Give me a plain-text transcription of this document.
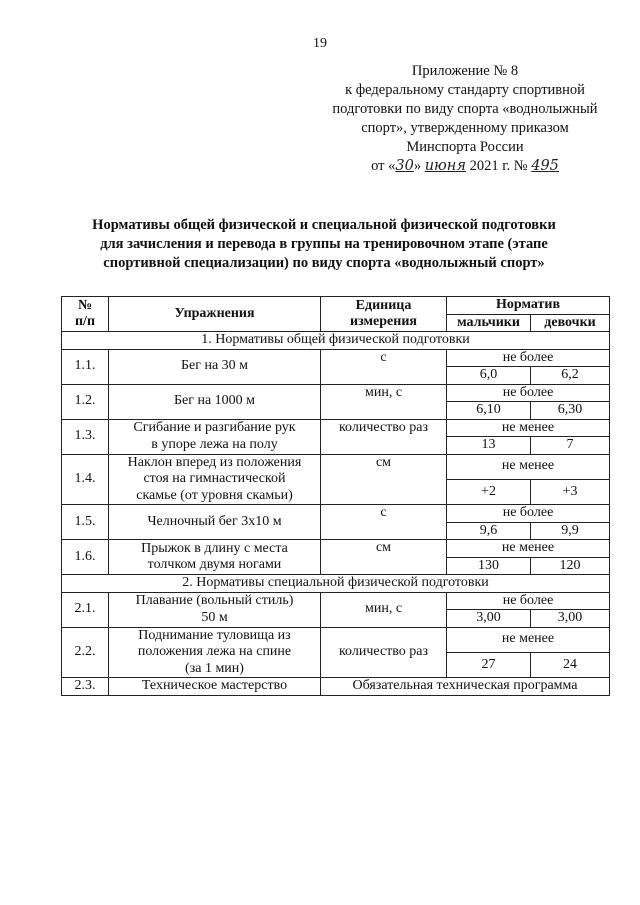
19
Приложение № 8
к федеральному стандарту спортивной
подготовки по виду спорта «воднолыжный
спорт», утвержденному приказом
Минспорта России
от «30» июня 2021 г. № 495
Нормативы общей физической и специальной физической подготовки
для зачисления и перевода в группы на тренировочном этапе (этапе
спортивной специализации) по виду спорта «воднолыжный спорт»
№
п/п	Упражнения	Единица
измерения	Норматив	
			мальчики	девочки
1. Нормативы общей физической подготовки				
1.1.	Бег на 30 м	с	не более	
			6,0	6,2
1.2.	Бег на 1000 м	мин, с	не более	
			6,10	6,30
1.3.	Сгибание и разгибание рук
в упоре лежа на полу	количество раз	не менее	
			13	7
1.4.	Наклон вперед из положения
стоя на гимнастической
скамье (от уровня скамьи)	см	не менее	
			+2	+3
1.5.	Челночный бег 3х10 м	с	не более	
			9,6	9,9
1.6.	Прыжок в длину с места
толчком двумя ногами	см	не менее	
			130	120
2. Нормативы специальной физической подготовки				
2.1.	Плавание (вольный стиль)
50 м	мин, с	не более	
			3,00	3,00
2.2.	Поднимание туловища из
положения лежа на спине
(за 1 мин)	количество раз	не менее	
			27	24
2.3.	Техническое мастерство	Обязательная техническая программа		
